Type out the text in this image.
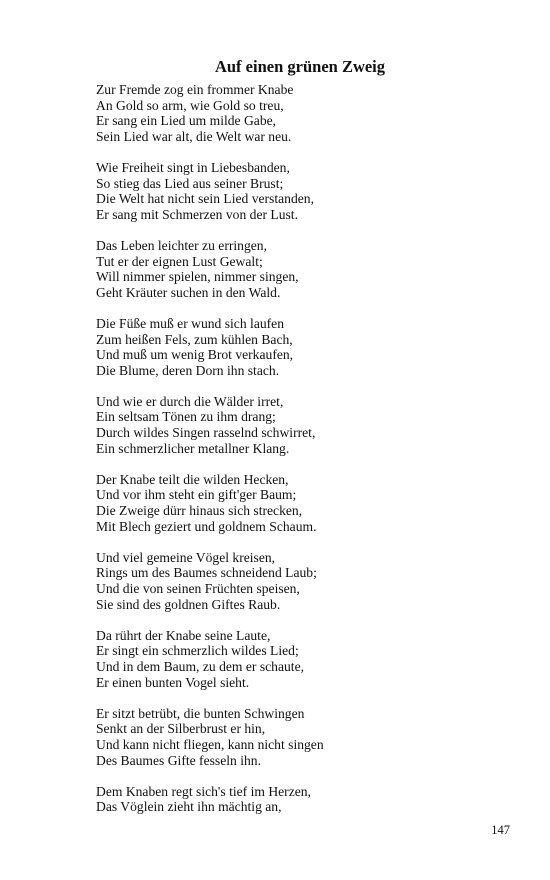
Auf einen grünen Zweig
Zur Fremde zog ein frommer Knabe
An Gold so arm, wie Gold so treu,
Er sang ein Lied um milde Gabe,
Sein Lied war alt, die Welt war neu.
Wie Freiheit singt in Liebesbanden,
So stieg das Lied aus seiner Brust;
Die Welt hat nicht sein Lied verstanden,
Er sang mit Schmerzen von der Lust.
Das Leben leichter zu erringen,
Tut er der eignen Lust Gewalt;
Will nimmer spielen, nimmer singen,
Geht Kräuter suchen in den Wald.
Die Füße muß er wund sich laufen
Zum heißen Fels, zum kühlen Bach,
Und muß um wenig Brot verkaufen,
Die Blume, deren Dorn ihn stach.
Und wie er durch die Wälder irret,
Ein seltsam Tönen zu ihm drang;
Durch wildes Singen rasselnd schwirret,
Ein schmerzlicher metallner Klang.
Der Knabe teilt die wilden Hecken,
Und vor ihm steht ein gift'ger Baum;
Die Zweige dürr hinaus sich strecken,
Mit Blech geziert und goldnem Schaum.
Und viel gemeine Vögel kreisen,
Rings um des Baumes schneidend Laub;
Und die von seinen Früchten speisen,
Sie sind des goldnen Giftes Raub.
Da rührt der Knabe seine Laute,
Er singt ein schmerzlich wildes Lied;
Und in dem Baum, zu dem er schaute,
Er einen bunten Vogel sieht.
Er sitzt betrübt, die bunten Schwingen
Senkt an der Silberbrust er hin,
Und kann nicht fliegen, kann nicht singen
Des Baumes Gifte fesseln ihn.
Dem Knaben regt sich's tief im Herzen,
Das Vöglein zieht ihn mächtig an,
147
